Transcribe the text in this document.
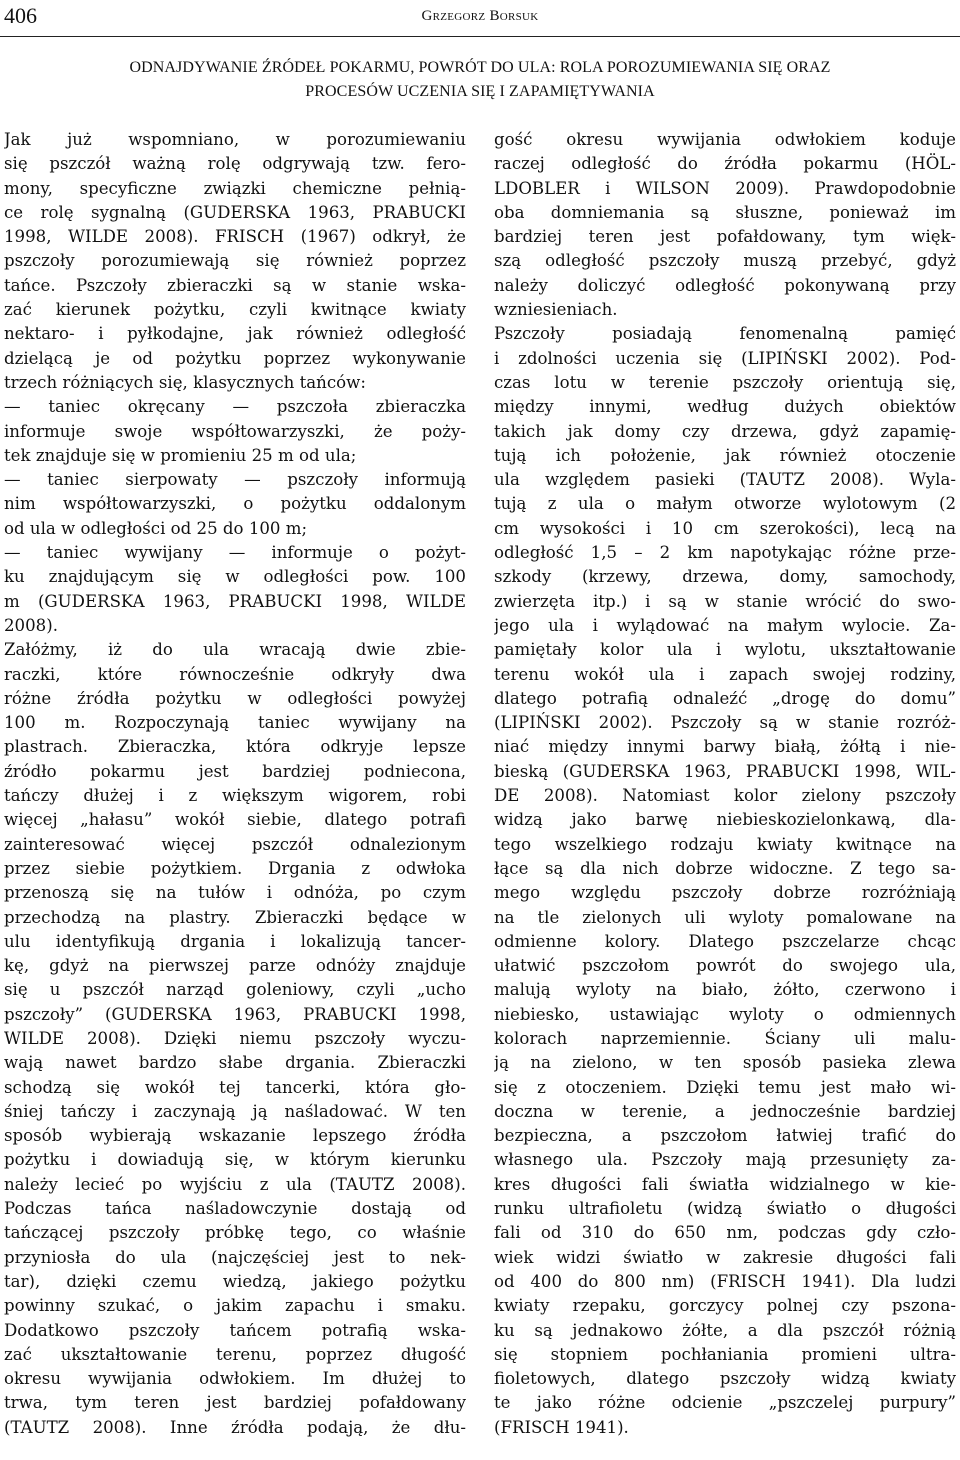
406	Grzegorz Borsuk
ODNAJDYWANIE ŹRÓDEŁ POKARMU, POWRÓT DO ULA: ROLA POROZUMIEWANIA SIĘ ORAZ
PROCESÓW UCZENIA SIĘ I ZAPAMIĘTYWANIA
Jak już wspomniano, w porozumiewaniu
się pszczół ważną rolę odgrywają tzw. fero-
mony, specyficzne związki chemiczne pełnią-
ce rolę sygnalną (GUDERSKA 1963, PRABUCKI
1998, WILDE 2008). FRISCH (1967) odkrył, że
pszczoły porozumiewają się również poprzez
tańce. Pszczoły zbieraczki są w stanie wska-
zać kierunek pożytku, czyli kwitnące kwiaty
nektaro- i pyłkodajne, jak również odległość
dzielącą je od pożytku poprzez wykonywanie
trzech różniących się, klasycznych tańców:
— taniec okręcany — pszczoła zbieraczka
informuje swoje współtowarzyszki, że poży-
tek znajduje się w promieniu 25 m od ula;
— taniec sierpowaty — pszczoły informują
nim współtowarzyszki, o pożytku oddalonym
od ula w odległości od 25 do 100 m;
— taniec wywijany — informuje o pożyt-
ku znajdującym się w odległości pow. 100
m (GUDERSKA 1963, PRABUCKI 1998, WILDE
2008).
Załóżmy, iż do ula wracają dwie zbie-
raczki, które równocześnie odkryły dwa
różne źródła pożytku w odległości powyżej
100 m. Rozpoczynają taniec wywijany na
plastrach. Zbieraczka, która odkryje lepsze
źródło pokarmu jest bardziej podniecona,
tańczy dłużej i z większym wigorem, robi
więcej „hałasu” wokół siebie, dlatego potrafi
zainteresować więcej pszczół odnalezionym
przez siebie pożytkiem. Drgania z odwłoka
przenoszą się na tułów i odnóża, po czym
przechodzą na plastry. Zbieraczki będące w
ulu identyfikują drgania i lokalizują tancer-
kę, gdyż na pierwszej parze odnóży znajduje
się u pszczół narząd goleniowy, czyli „ucho
pszczoły” (GUDERSKA 1963, PRABUCKI 1998,
WILDE 2008). Dzięki niemu pszczoły wyczu-
wają nawet bardzo słabe drgania. Zbieraczki
schodzą się wokół tej tancerki, która gło-
śniej tańczy i zaczynają ją naśladować. W ten
sposób wybierają wskazanie lepszego źródła
pożytku i dowiadują się, w którym kierunku
należy lecieć po wyjściu z ula (TAUTZ 2008).
Podczas tańca naśladowczynie dostają od
tańczącej pszczoły próbkę tego, co właśnie
przyniosła do ula (najczęściej jest to nek-
tar), dzięki czemu wiedzą, jakiego pożytku
powinny szukać, o jakim zapachu i smaku.
Dodatkowo pszczoły tańcem potrafią wska-
zać ukształtowanie terenu, poprzez długość
okresu wywijania odwłokiem. Im dłużej to
trwa, tym teren jest bardziej pofałdowany
(TAUTZ 2008). Inne źródła podają, że dłu-
gość okresu wywijania odwłokiem koduje
raczej odległość do źródła pokarmu (HÖL-
LDOBLER i WILSON 2009). Prawdopodobnie
oba domniemania są słuszne, ponieważ im
bardziej teren jest pofałdowany, tym więk-
szą odległość pszczoły muszą przebyć, gdyż
należy doliczyć odległość pokonywaną przy
wzniesieniach.
Pszczoły posiadają fenomenalną pamięć
i zdolności uczenia się (LIPIŃSKI 2002). Pod-
czas lotu w terenie pszczoły orientują się,
między innymi, według dużych obiektów
takich jak domy czy drzewa, gdyż zapamię-
tują ich położenie, jak również otoczenie
ula względem pasieki (TAUTZ 2008). Wyla-
tują z ula o małym otworze wylotowym (2
cm wysokości i 10 cm szerokości), lecą na
odległość 1,5 – 2 km napotykając różne prze-
szkody (krzewy, drzewa, domy, samochody,
zwierzęta itp.) i są w stanie wrócić do swo-
jego ula i wylądować na małym wylocie. Za-
pamiętały kolor ula i wylotu, ukształtowanie
terenu wokół ula i zapach swojej rodziny,
dlatego potrafią odnaleźć „drogę do domu”
(LIPIŃSKI 2002). Pszczoły są w stanie rozróż-
niać między innymi barwy białą, żółtą i nie-
bieską (GUDERSKA 1963, PRABUCKI 1998, WIL-
DE 2008). Natomiast kolor zielony pszczoły
widzą jako barwę niebieskozielonkawą, dla-
tego wszelkiego rodzaju kwiaty kwitnące na
łące są dla nich dobrze widoczne. Z tego sa-
mego względu pszczoły dobrze rozróżniają
na tle zielonych uli wyloty pomalowane na
odmienne kolory. Dlatego pszczelarze chcąc
ułatwić pszczołom powrót do swojego ula,
malują wyloty na biało, żółto, czerwono i
niebiesko, ustawiając wyloty o odmiennych
kolorach naprzemiennie. Ściany uli malu-
ją na zielono, w ten sposób pasieka zlewa
się z otoczeniem. Dzięki temu jest mało wi-
doczna w terenie, a jednocześnie bardziej
bezpieczna, a pszczołom łatwiej trafić do
własnego ula. Pszczoły mają przesunięty za-
kres długości fali światła widzialnego w kie-
runku ultrafioletu (widzą światło o długości
fali od 310 do 650 nm, podczas gdy czło-
wiek widzi światło w zakresie długości fali
od 400 do 800 nm) (FRISCH 1941). Dla ludzi
kwiaty rzepaku, gorczycy polnej czy pszona-
ku są jednakowo żółte, a dla pszczół różnią
się stopniem pochłaniania promieni ultra-
fioletowych, dlatego pszczoły widzą kwiaty
te jako różne odcienie „pszczelej purpury”
(FRISCH 1941).
